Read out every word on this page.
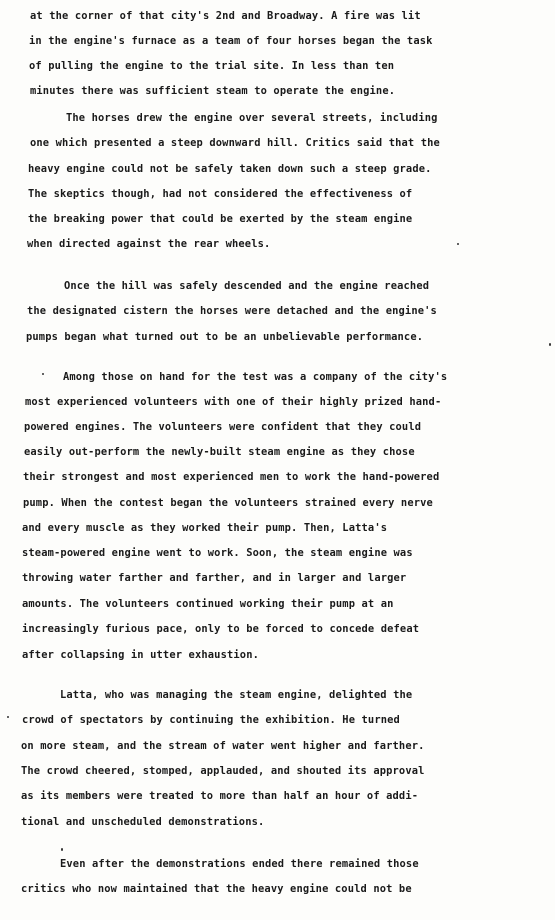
at the corner of that city's 2nd and Broadway. A fire was lit
in the engine's furnace as a team of four horses began the task
of pulling the engine to the trial site. In less than ten
minutes there was sufficient steam to operate the engine.
The horses drew the engine over several streets, including
one which presented a steep downward hill. Critics said that the
heavy engine could not be safely taken down such a steep grade.
The skeptics though, had not considered the effectiveness of
the breaking power that could be exerted by the steam engine
when directed against the rear wheels.
Once the hill was safely descended and the engine reached
the designated cistern the horses were detached and the engine's
pumps began what turned out to be an unbelievable performance.
Among those on hand for the test was a company of the city's
most experienced volunteers with one of their highly prized hand-
powered engines. The volunteers were confident that they could
easily out-perform the newly-built steam engine as they chose
their strongest and most experienced men to work the hand-powered
pump. When the contest began the volunteers strained every nerve
and every muscle as they worked their pump. Then, Latta's
steam-powered engine went to work. Soon, the steam engine was
throwing water farther and farther, and in larger and larger
amounts. The volunteers continued working their pump at an
increasingly furious pace, only to be forced to concede defeat
after collapsing in utter exhaustion.
Latta, who was managing the steam engine, delighted the
crowd of spectators by continuing the exhibition. He turned
on more steam, and the stream of water went higher and farther.
The crowd cheered, stomped, applauded, and shouted its approval
as its members were treated to more than half an hour of addi-
tional and unscheduled demonstrations.
Even after the demonstrations ended there remained those
critics who now maintained that the heavy engine could not be
